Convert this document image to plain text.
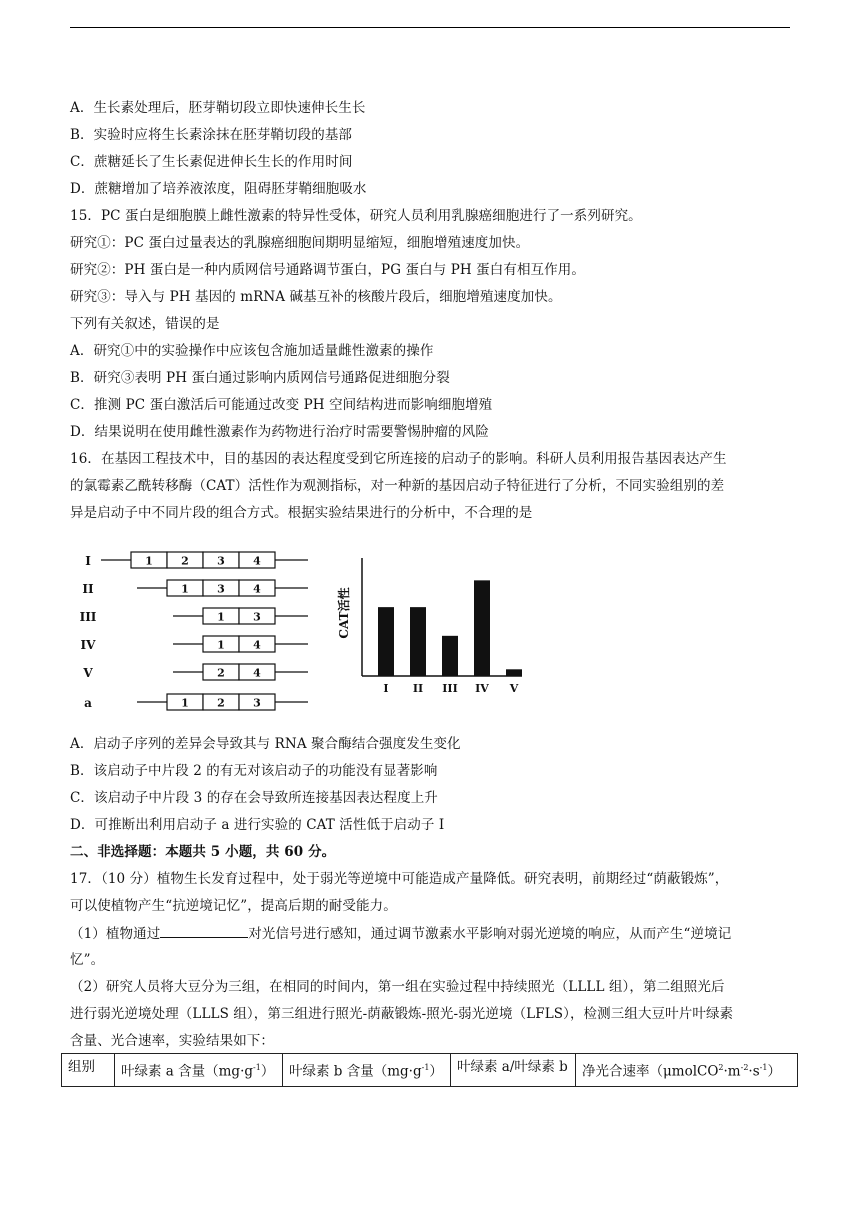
A．生长素处理后，胚芽鞘切段立即快速伸长生长
B．实验时应将生长素涂抹在胚芽鞘切段的基部
C．蔗糖延长了生长素促进伸长生长的作用时间
D．蔗糖增加了培养液浓度，阻碍胚芽鞘细胞吸水
15．PC 蛋白是细胞膜上雌性激素的特异性受体，研究人员利用乳腺癌细胞进行了一系列研究。
研究①：PC 蛋白过量表达的乳腺癌细胞间期明显缩短，细胞增殖速度加快。
研究②：PH 蛋白是一种内质网信号通路调节蛋白，PG 蛋白与 PH 蛋白有相互作用。
研究③：导入与 PH 基因的 mRNA 碱基互补的核酸片段后，细胞增殖速度加快。
下列有关叙述，错误的是
A．研究①中的实验操作中应该包含施加适量雌性激素的操作
B．研究③表明 PH 蛋白通过影响内质网信号通路促进细胞分裂
C．推测 PC 蛋白激活后可能通过改变 PH 空间结构进而影响细胞增殖
D．结果说明在使用雌性激素作为药物进行治疗时需要警惕肿瘤的风险
16．在基因工程技术中，目的基因的表达程度受到它所连接的启动子的影响。科研人员利用报告基因表达产生
的氯霉素乙酰转移酶（CAT）活性作为观测指标，对一种新的基因启动子特征进行了分析，不同实验组别的差
异是启动子中不同片段的组合方式。根据实验结果进行的分析中，不合理的是
I	1	2	3	4
II	1	3	4
III	1	3
IV	1	4
V	2	4
a	1	2	3
CAT活性
I II III IV V
A．启动子序列的差异会导致其与 RNA 聚合酶结合强度发生变化
B．该启动子中片段 2 的有无对该启动子的功能没有显著影响
C．该启动子中片段 3 的存在会导致所连接基因表达程度上升
D．可推断出利用启动子 a 进行实验的 CAT 活性低于启动子 I
二、非选择题：本题共 5 小题，共 60 分。
17．（10 分）植物生长发育过程中，处于弱光等逆境中可能造成产量降低。研究表明，前期经过“荫蔽锻炼”，
可以使植物产生“抗逆境记忆”，提高后期的耐受能力。
（1）植物通过	对光信号进行感知，通过调节激素水平影响对弱光逆境的响应，从而产生“逆境记
忆”。
（2）研究人员将大豆分为三组，在相同的时间内，第一组在实验过程中持续照光（LLLL 组），第二组照光后
进行弱光逆境处理（LLLS 组），第三组进行照光-荫蔽锻炼-照光-弱光逆境（LFLS），检测三组大豆叶片叶绿素
含量、光合速率，实验结果如下：
组别	叶绿素 a 含量$(mg\cdot g^{-1})$	叶绿素 b 含量$(mg\cdot g^{-1})$	叶绿素 a/叶绿素 b	净光合速率$(\mu molCO^2\cdot m^{-2}\cdot s^{-1})$
